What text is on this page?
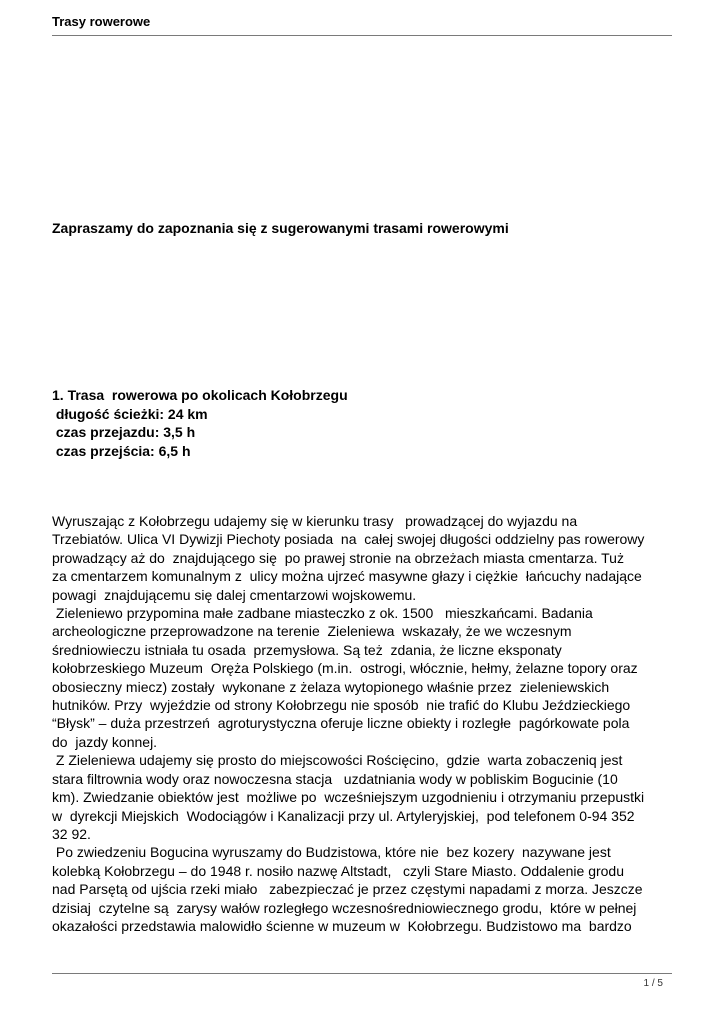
Trasy rowerowe
Zapraszamy do zapoznania się z sugerowanymi trasami rowerowymi
1. Trasa  rowerowa po okolicach Kołobrzegu
długość ścieżki: 24 km
czas przejazdu: 3,5 h
czas przejścia: 6,5 h
Wyruszając z Kołobrzegu udajemy się w kierunku trasy   prowadzącej do wyjazdu na
Trzebiatów. Ulica VI Dywizji Piechoty posiada  na  całej swojej długości oddzielny pas rowerowy
prowadzący aż do  znajdującego się  po prawej stronie na obrzeżach miasta cmentarza. Tuż
za cmentarzem komunalnym z  ulicy można ujrzeć masywne głazy i ciężkie  łańcuchy nadające
powagi  znajdującemu się dalej cmentarzowi wojskowemu.
Zieleniewo przypomina małe zadbane miasteczko z ok. 1500   mieszkańcami. Badania
archeologiczne przeprowadzone na terenie  Zieleniewa  wskazały, że we wczesnym
średniowieczu istniała tu osada  przemysłowa. Są też  zdania, że liczne eksponaty
kołobrzeskiego Muzeum  Oręża Polskiego (m.in.  ostrogi, włócznie, hełmy, żelazne topory oraz
obosieczny miecz) zostały  wykonane z żelaza wytopionego właśnie przez  zieleniewskich
hutników. Przy  wyjeździe od strony Kołobrzegu nie sposób  nie trafić do Klubu Jeździeckiego
“Błysk” – duża przestrzeń  agroturystyczna oferuje liczne obiekty i rozległe  pagórkowate pola
do  jazdy konnej.
Z Zieleniewa udajemy się prosto do miejscowości Rościęcino,  gdzie  warta zobaczeniq jest
stara filtrownia wody oraz nowoczesna stacja   uzdatniania wody w pobliskim Bogucinie (10
km). Zwiedzanie obiektów jest  możliwe po  wcześniejszym uzgodnieniu i otrzymaniu przepustki
w  dyrekcji Miejskich  Wodociągów i Kanalizacji przy ul. Artyleryjskiej,  pod telefonem 0-94 352
32 92.
Po zwiedzeniu Bogucina wyruszamy do Budzistowa, które nie  bez kozery  nazywane jest
kolebką Kołobrzegu – do 1948 r. nosiło nazwę Altstadt,   czyli Stare Miasto. Oddalenie grodu
nad Parsętą od ujścia rzeki miało   zabezpieczać je przez częstymi napadami z morza. Jeszcze
dzisiaj  czytelne są  zarysy wałów rozległego wczesnośredniowiecznego grodu,  które w pełnej
okazałości przedstawia malowidło ścienne w muzeum w  Kołobrzegu. Budzistowo ma  bardzo
1 / 5
